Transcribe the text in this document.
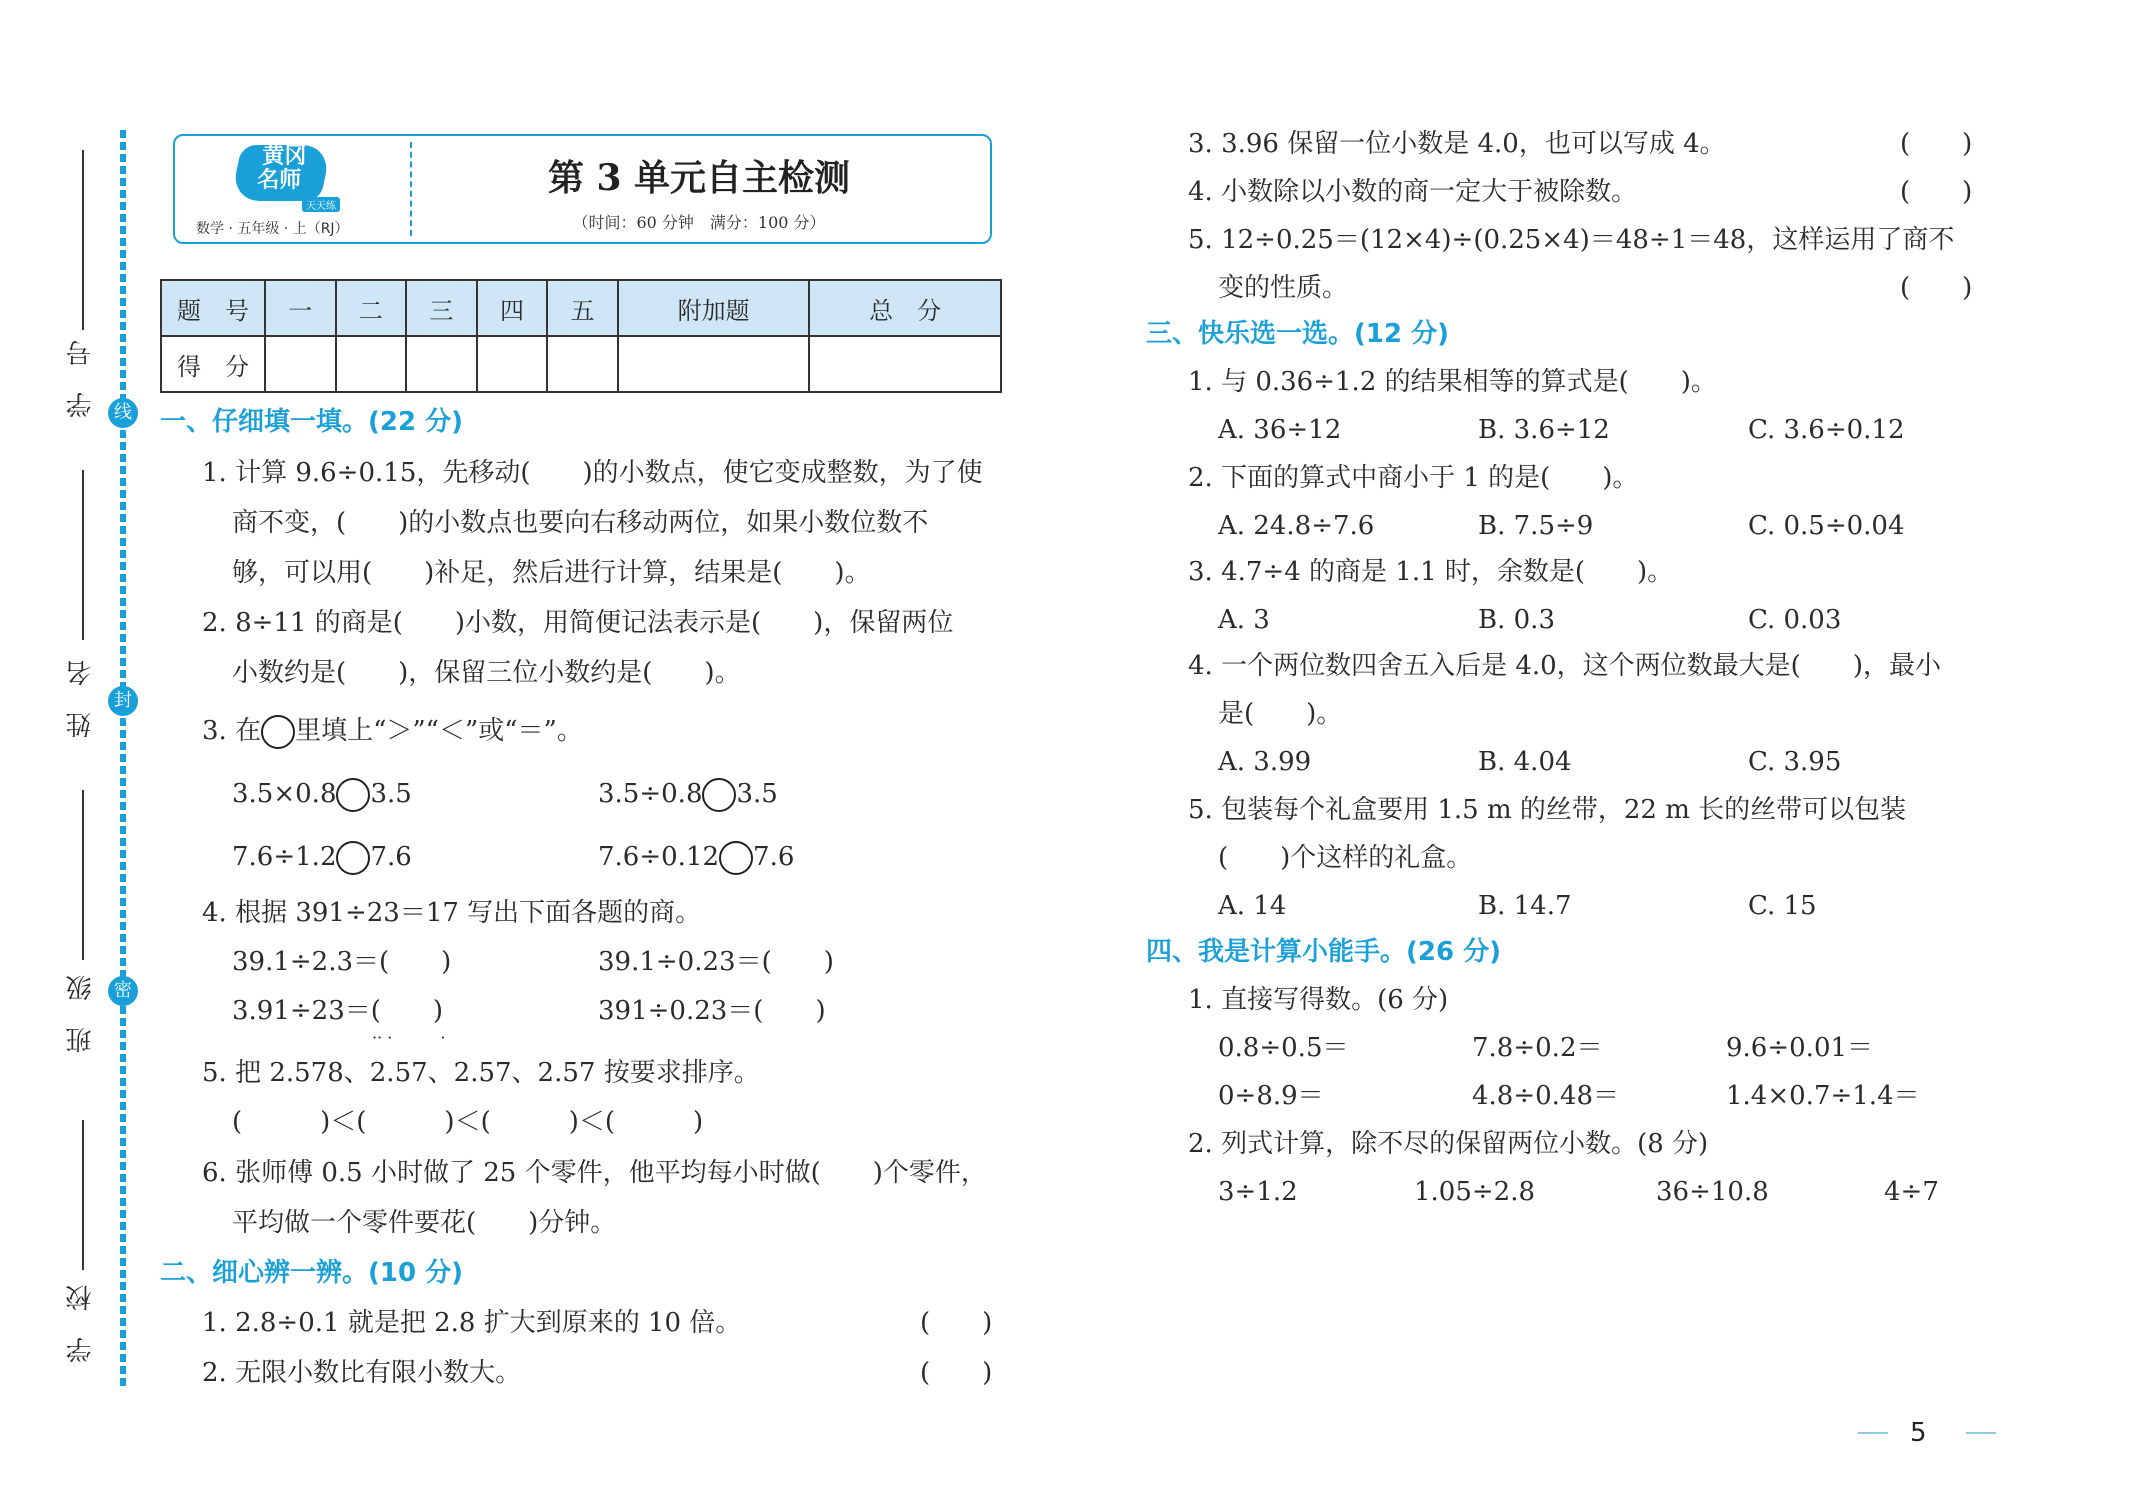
线
封
密
学　号
姓　名
班　级
学　校
黄冈
名师
天天练
数学 · 五年级 · 上（RJ）
第 3 单元自主检测
（时间：60 分钟　满分：100 分）
题　号	一	二	三	四	五	附加题	总　分
得　分							
一、仔细填一填。(22 分)
1. 计算 9.6÷0.15，先移动(　　)的小数点，使它变成整数，为了使
商不变，(　　)的小数点也要向右移动两位，如果小数位数不
够，可以用(　　)补足，然后进行计算，结果是(　　)。
2. 8÷11 的商是(　　)小数，用简便记法表示是(　　)，保留两位
小数约是(　　)，保留三位小数约是(　　)。
3. 在 里填上“＞”“＜”或“＝”。
3.5×0.8 3.5	3.5÷0.8 3.5
7.6÷1.2 7.6	7.6÷0.12 7.6
4. 根据 391÷23＝17 写出下面各题的商。
39.1÷2.3＝(　　)	39.1÷0.23＝(　　)
3.91÷23＝(　　)	391÷0.23＝(　　)
·· ·　　　·
5. 把 2.578、2.57、2.57、2.57 按要求排序。
(　　　)＜(　　　)＜(　　　)＜(　　　)
6. 张师傅 0.5 小时做了 25 个零件，他平均每小时做(　　)个零件，
平均做一个零件要花(　　)分钟。
二、细心辨一辨。(10 分)
1. 2.8÷0.1 就是把 2.8 扩大到原来的 10 倍。	(　　)
2. 无限小数比有限小数大。	(　　)
3. 3.96 保留一位小数是 4.0，也可以写成 4。	(　　)
4. 小数除以小数的商一定大于被除数。	(　　)
5. 12÷0.25＝(12×4)÷(0.25×4)＝48÷1＝48，这样运用了商不
变的性质。	(　　)
三、快乐选一选。(12 分)
1. 与 0.36÷1.2 的结果相等的算式是(　　)。
A. 36÷12	B. 3.6÷12	C. 3.6÷0.12
2. 下面的算式中商小于 1 的是(　　)。
A. 24.8÷7.6	B. 7.5÷9	C. 0.5÷0.04
3. 4.7÷4 的商是 1.1 时，余数是(　　)。
A. 3	B. 0.3	C. 0.03
4. 一个两位数四舍五入后是 4.0，这个两位数最大是(　　)，最小
是(　　)。
A. 3.99	B. 4.04	C. 3.95
5. 包装每个礼盒要用 1.5 m 的丝带，22 m 长的丝带可以包装
(　　)个这样的礼盒。
A. 14	B. 14.7	C. 15
四、我是计算小能手。(26 分)
1. 直接写得数。(6 分)
0.8÷0.5＝	7.8÷0.2＝	9.6÷0.01＝
0÷8.9＝	4.8÷0.48＝	1.4×0.7÷1.4＝
2. 列式计算，除不尽的保留两位小数。(8 分)
3÷1.2	1.05÷2.8	36÷10.8	4÷7
5
